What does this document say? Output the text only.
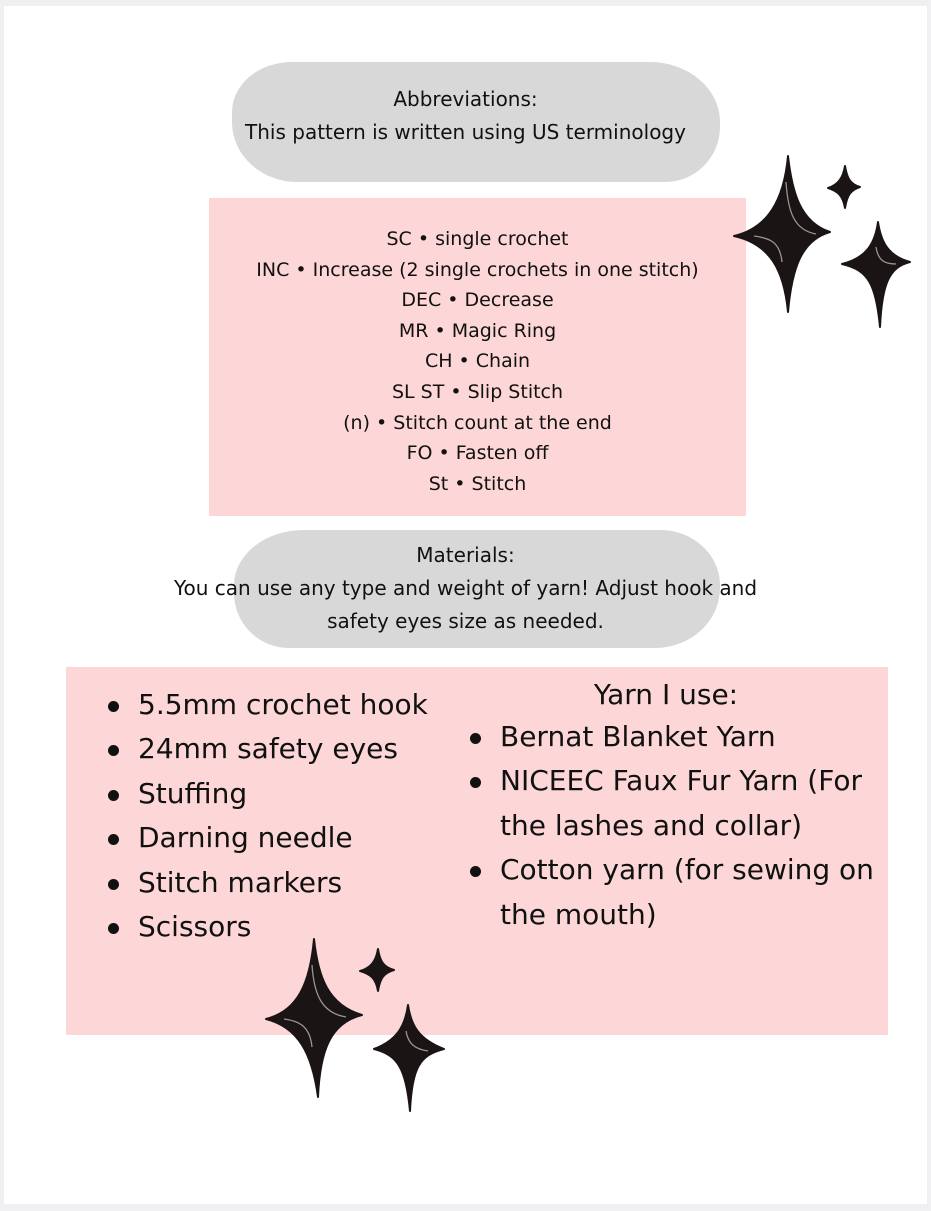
Abbreviations:
This pattern is written using US terminology
SC • single crochet
INC • Increase (2 single crochets in one stitch)
DEC • Decrease
MR • Magic Ring
CH • Chain
SL ST • Slip Stitch
(n) • Stitch count at the end
FO • Fasten off
St • Stitch
Materials:
You can use any type and weight of yarn! Adjust hook and
safety eyes size as needed.
5.5mm crochet hook
24mm safety eyes
Stuffing
Darning needle
Stitch markers
Scissors
Yarn I use:
Bernat Blanket Yarn
NICEEC Faux Fur Yarn (For the lashes and collar)
Cotton yarn (for sewing on the mouth)
